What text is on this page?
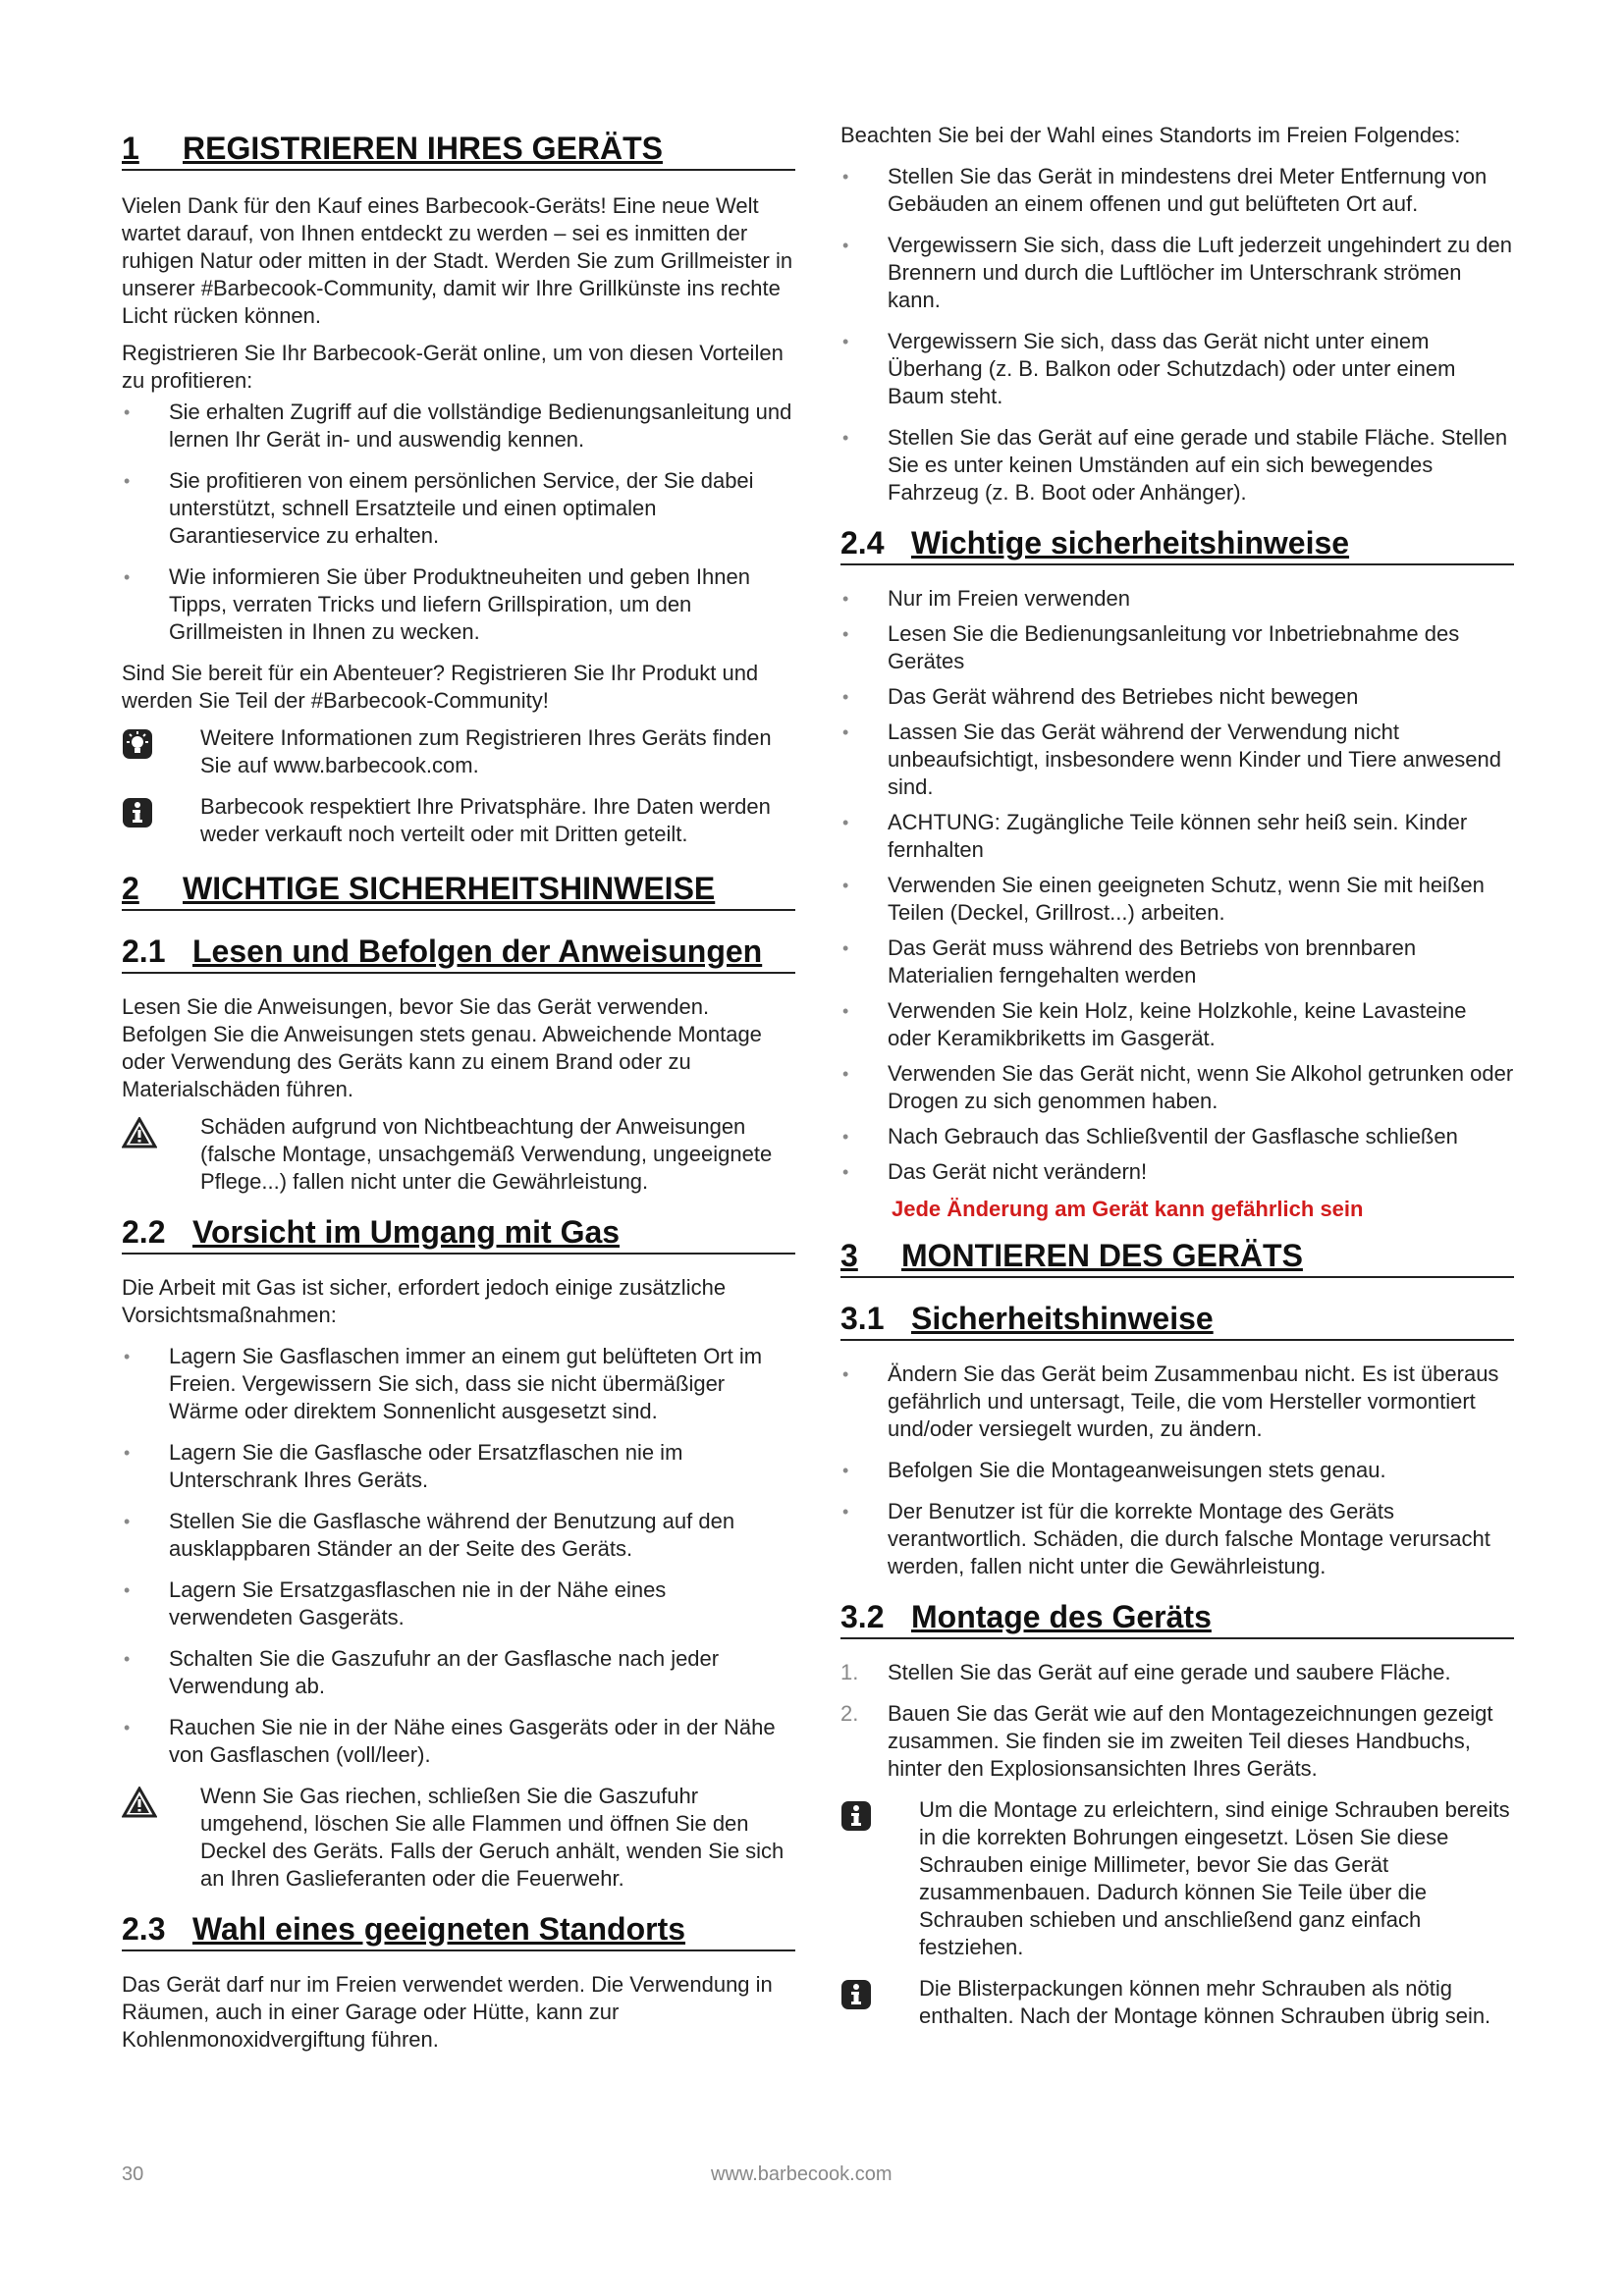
1	REGISTRIEREN IHRES GERÄTS

Vielen Dank für den Kauf eines Barbecook-Geräts! Eine neue Welt wartet darauf, von Ihnen entdeckt zu werden – sei es inmitten der ruhigen Natur oder mitten in der Stadt. Werden Sie zum Grillmeister in unserer #Barbecook-Community, damit wir Ihre Grillkünste ins rechte Licht rücken können.

Registrieren Sie Ihr Barbecook-Gerät online, um von diesen Vorteilen zu profitieren:

• Sie erhalten Zugriff auf die vollständige Bedienungsanleitung und lernen Ihr Gerät in- und auswendig kennen.
• Sie profitieren von einem persönlichen Service, der Sie dabei unterstützt, schnell Ersatzteile und einen optimalen Garantieservice zu erhalten.
• Wie informieren Sie über Produktneuheiten und geben Ihnen Tipps, verraten Tricks und liefern Grillspiration, um den Grillmeisten in Ihnen zu wecken.

Sind Sie bereit für ein Abenteuer? Registrieren Sie Ihr Produkt und werden Sie Teil der #Barbecook-Community!

Weitere Informationen zum Registrieren Ihres Geräts finden Sie auf www.barbecook.com.
Barbecook respektiert Ihre Privatsphäre. Ihre Daten werden weder verkauft noch verteilt oder mit Dritten geteilt.
2	WICHTIGE SICHERHEITSHINWEISE
2.1 Lesen und Befolgen der Anweisungen

Lesen Sie die Anweisungen, bevor Sie das Gerät verwenden. Befolgen Sie die Anweisungen stets genau. Abweichende Montage oder Verwendung des Geräts kann zu einem Brand oder zu Materialschäden führen.

Schäden aufgrund von Nichtbeachtung der Anweisungen (falsche Montage, unsachgemäß Verwendung, ungeeignete Pflege...) fallen nicht unter die Gewährleistung.
2.2 Vorsicht im Umgang mit Gas

Die Arbeit mit Gas ist sicher, erfordert jedoch einige zusätzliche Vorsichtsmaßnahmen:

• Lagern Sie Gasflaschen immer an einem gut belüfteten Ort im Freien. Vergewissern Sie sich, dass sie nicht übermäßiger Wärme oder direktem Sonnenlicht ausgesetzt sind.
• Lagern Sie die Gasflasche oder Ersatzflaschen nie im Unterschrank Ihres Geräts.
• Stellen Sie die Gasflasche während der Benutzung auf den ausklappbaren Ständer an der Seite des Geräts.
• Lagern Sie Ersatzgasflaschen nie in der Nähe eines verwendeten Gasgeräts.
• Schalten Sie die Gaszufuhr an der Gasflasche nach jeder Verwendung ab.
• Rauchen Sie nie in der Nähe eines Gasgeräts oder in der Nähe von Gasflaschen (voll/leer).
Wenn Sie Gas riechen, schließen Sie die Gaszufuhr umgehend, löschen Sie alle Flammen und öffnen Sie den Deckel des Geräts. Falls der Geruch anhält, wenden Sie sich an Ihren Gaslieferanten oder die Feuerwehr.
2.3 Wahl eines geeigneten Standorts

Das Gerät darf nur im Freien verwendet werden. Die Verwendung in Räumen, auch in einer Garage oder Hütte, kann zur Kohlenmonoxidvergiftung führen.

Beachten Sie bei der Wahl eines Standorts im Freien Folgendes:

• Stellen Sie das Gerät in mindestens drei Meter Entfernung von Gebäuden an einem offenen und gut belüfteten Ort auf.
• Vergewissern Sie sich, dass die Luft jederzeit ungehindert zu den Brennern und durch die Luftlöcher im Unterschrank strömen kann.
• Vergewissern Sie sich, dass das Gerät nicht unter einem Überhang (z. B. Balkon oder Schutzdach) oder unter einem Baum steht.
• Stellen Sie das Gerät auf eine gerade und stabile Fläche. Stellen Sie es unter keinen Umständen auf ein sich bewegendes Fahrzeug (z. B. Boot oder Anhänger).
2.4 Wichtige sicherheitshinweise
• Nur im Freien verwenden
• Lesen Sie die Bedienungsanleitung vor Inbetriebnahme des Gerätes
• Das Gerät während des Betriebes nicht bewegen
• Lassen Sie das Gerät während der Verwendung nicht unbeaufsichtigt, insbesondere wenn Kinder und Tiere anwesend sind.
• ACHTUNG: Zugängliche Teile können sehr heiß sein. Kinder fernhalten
• Verwenden Sie einen geeigneten Schutz, wenn Sie mit heißen Teilen (Deckel, Grillrost...) arbeiten.
• Das Gerät muss während des Betriebs von brennbaren Materialien ferngehalten werden
• Verwenden Sie kein Holz, keine Holzkohle, keine Lavasteine oder Keramikbriketts im Gasgerät.
• Verwenden Sie das Gerät nicht, wenn Sie Alkohol getrunken oder Drogen zu sich genommen haben.
• Nach Gebrauch das Schließventil der Gasflasche schließen
• Das Gerät nicht verändern!
Jede Änderung am Gerät kann gefährlich sein
3	MONTIEREN DES GERÄTS
3.1 Sicherheitshinweise
• Ändern Sie das Gerät beim Zusammenbau nicht. Es ist überaus gefährlich und untersagt, Teile, die vom Hersteller vormontiert und/oder versiegelt wurden, zu ändern.
• Befolgen Sie die Montageanweisungen stets genau.
• Der Benutzer ist für die korrekte Montage des Geräts verantwortlich. Schäden, die durch falsche Montage verursacht werden, fallen nicht unter die Gewährleistung.
3.2 Montage des Geräts
1. Stellen Sie das Gerät auf eine gerade und saubere Fläche.
2. Bauen Sie das Gerät wie auf den Montagezeichnungen gezeigt zusammen. Sie finden sie im zweiten Teil dieses Handbuchs, hinter den Explosionsansichten Ihres Geräts.
Um die Montage zu erleichtern, sind einige Schrauben bereits in die korrekten Bohrungen eingesetzt. Lösen Sie diese Schrauben einige Millimeter, bevor Sie das Gerät zusammenbauen. Dadurch können Sie Teile über die Schrauben schieben und anschließend ganz einfach festziehen.
Die Blisterpackungen können mehr Schrauben als nötig enthalten. Nach der Montage können Schrauben übrig sein.
30	www.barbecook.com
